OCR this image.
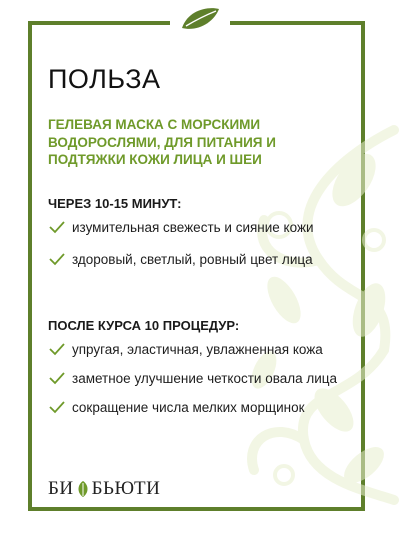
ПОЛЬЗА

ГЕЛЕВАЯ МАСКА С МОРСКИМИ ВОДОРОСЛЯМИ, ДЛЯ ПИТАНИЯ И ПОДТЯЖКИ КОЖИ ЛИЦА И ШЕИ

ЧЕРЕЗ 10-15 МИНУТ:

изумительная свежесть и сияние кожи
здоровый, светлый, ровный цвет лица

ПОСЛЕ КУРСА 10 ПРОЦЕДУР:

упругая, эластичная, увлажненная кожа
заметное улучшение четкости овала лица
сокращение числа мелких морщинок
БИ БЬЮТИ
